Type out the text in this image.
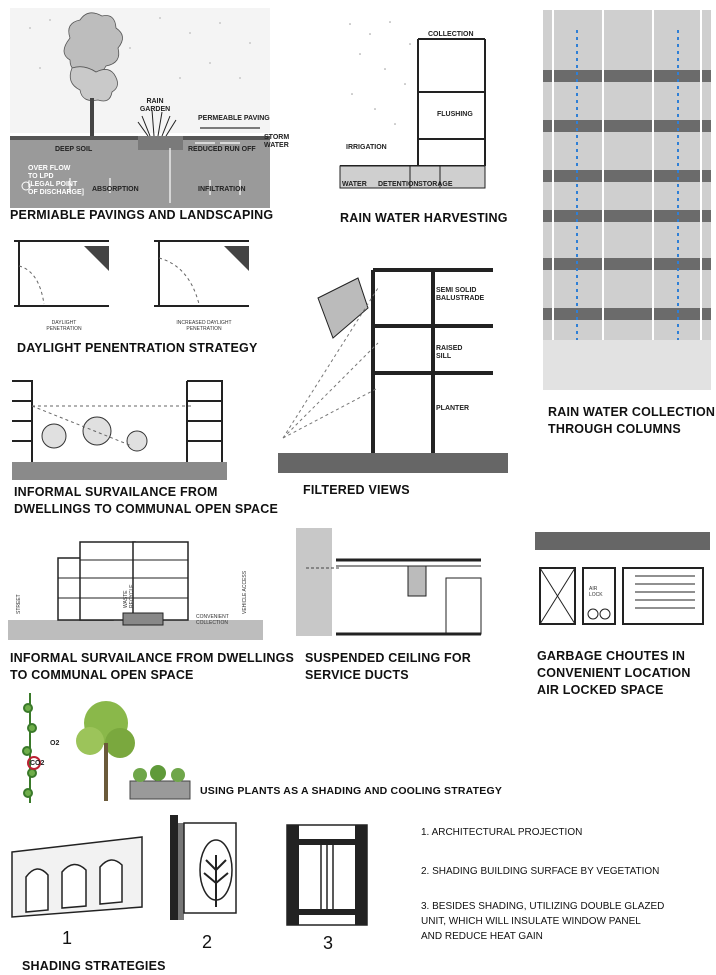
RAIN GARDEN
PERMEABLE PAVING
STORM WATER
DEEP SOIL	REDUCED RUN OFF
OVER FLOW TO LPD [LEGAL POINT OF DISCHARGE] ABSORPTION	INFILTRATION
PERMIABLE PAVINGS AND LANDSCAPING
COLLECTION
FLUSHING
IRRIGATION
WATER DETENTION STORAGE
RAIN WATER HARVESTING
RAIN WATER COLLECTION
THROUGH COLUMNS
DAYLIGHT PENETRATION
INCREASED DAYLIGHT PENETRATION
DAYLIGHT PENENTRATION STRATEGY
SEMI SOLID BALUSTRADE
RAISED SILL
PLANTER
FILTERED VIEWS
INFORMAL SURVAILANCE FROM
DWELLINGS TO COMMUNAL OPEN SPACE
STREET	VEHICLE ACCESS
WASTERECYCLE
CONVENIENT COLLECTION
INFORMAL SURVAILANCE FROM DWELLINGS
TO COMMUNAL OPEN SPACE
SUSPENDED CEILING FOR
SERVICE DUCTS
AIR LOCK
GARBAGE CHOUTES IN
CONVENIENT LOCATION
AIR LOCKED SPACE
O2
CO2
USING PLANTS AS A SHADING AND COOLING STRATEGY
1	2	3
1. ARCHITECTURAL PROJECTION
2. SHADING BUILDING SURFACE BY VEGETATION
3. BESIDES SHADING, UTILIZING DOUBLE GLAZED
UNIT, WHICH WILL INSULATE WINDOW PANEL
AND REDUCE HEAT GAIN
SHADING STRATEGIES
